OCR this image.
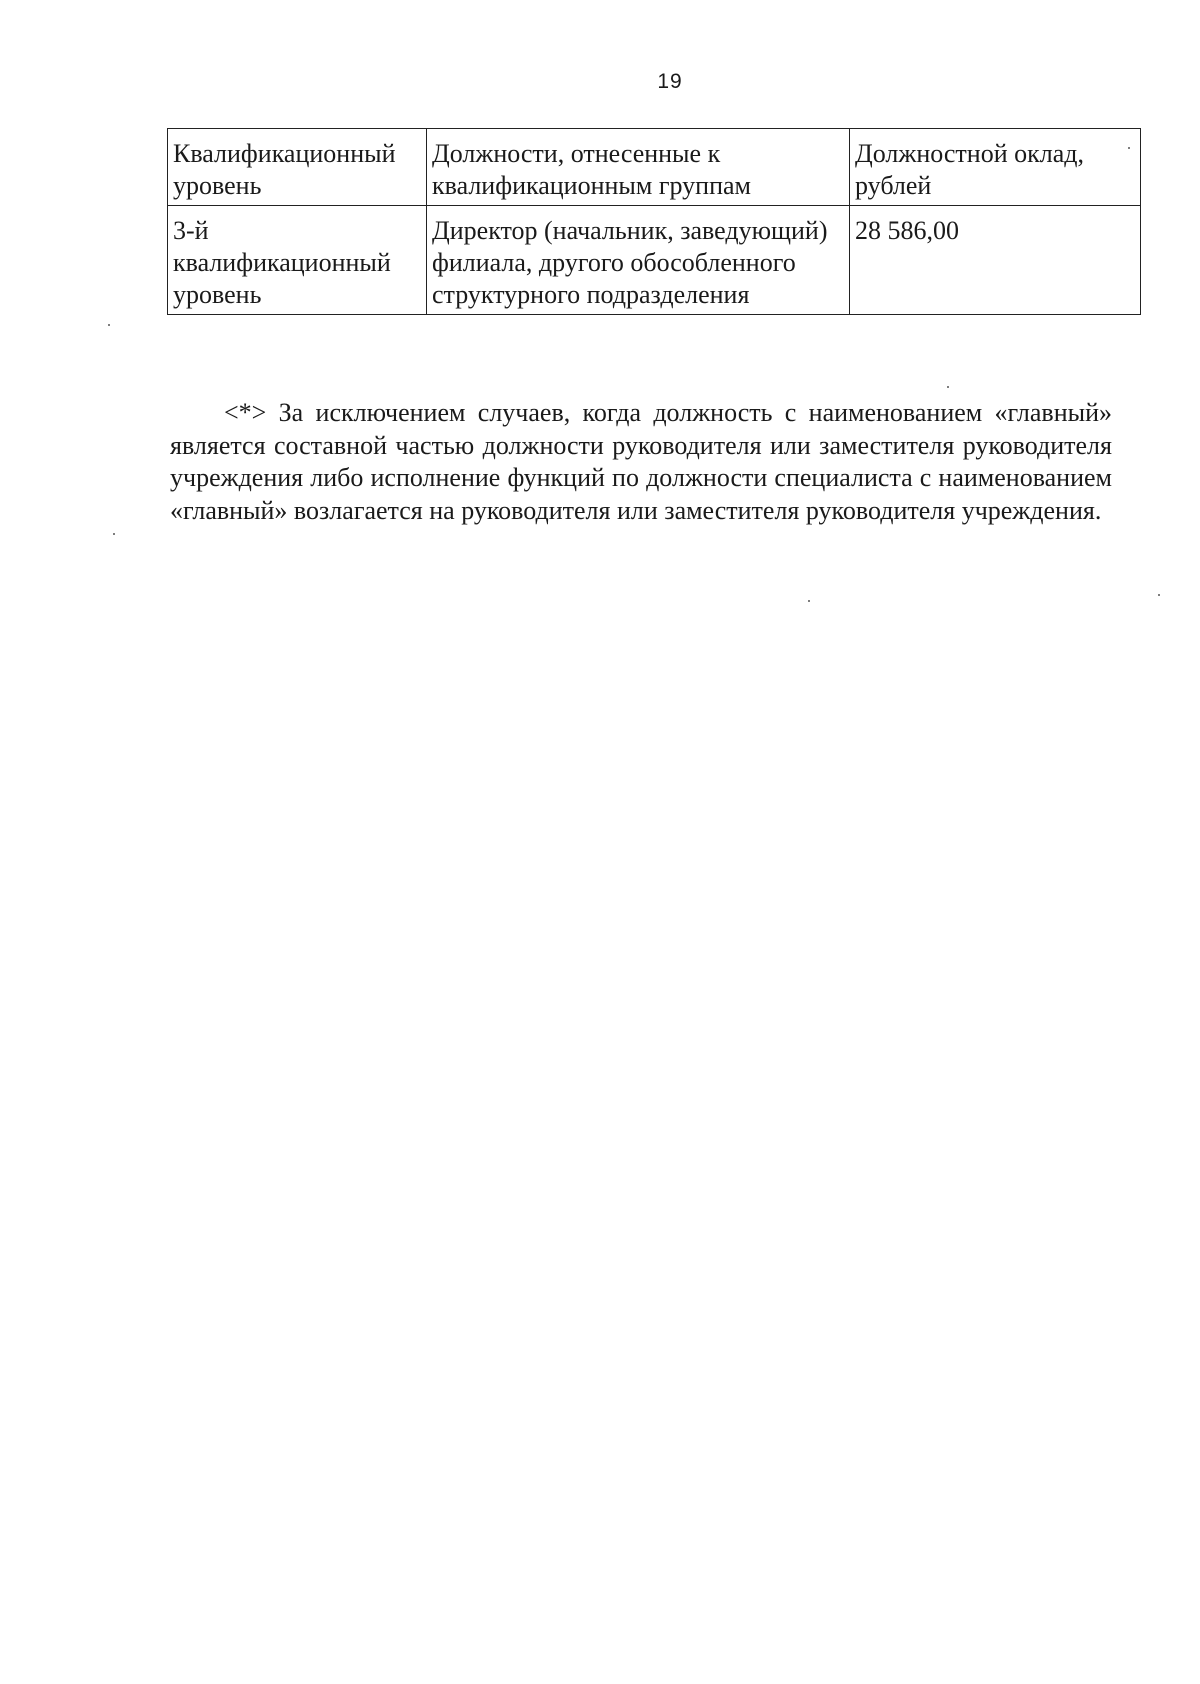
19
Квалификационный уровень	Должности, отнесенные к квалификационным группам	Должностной оклад, рублей
3-й квалификационный уровень	Директор (начальник, заведующий) филиала, другого обособленного структурного подразделения	28 586,00

<*> За исключением случаев, когда должность с наименованием «главный» является составной частью должности руководителя или заместителя руководителя учреждения либо исполнение функций по должности специалиста с наименованием «главный» возлагается на руководителя или заместителя руководителя учреждения.
